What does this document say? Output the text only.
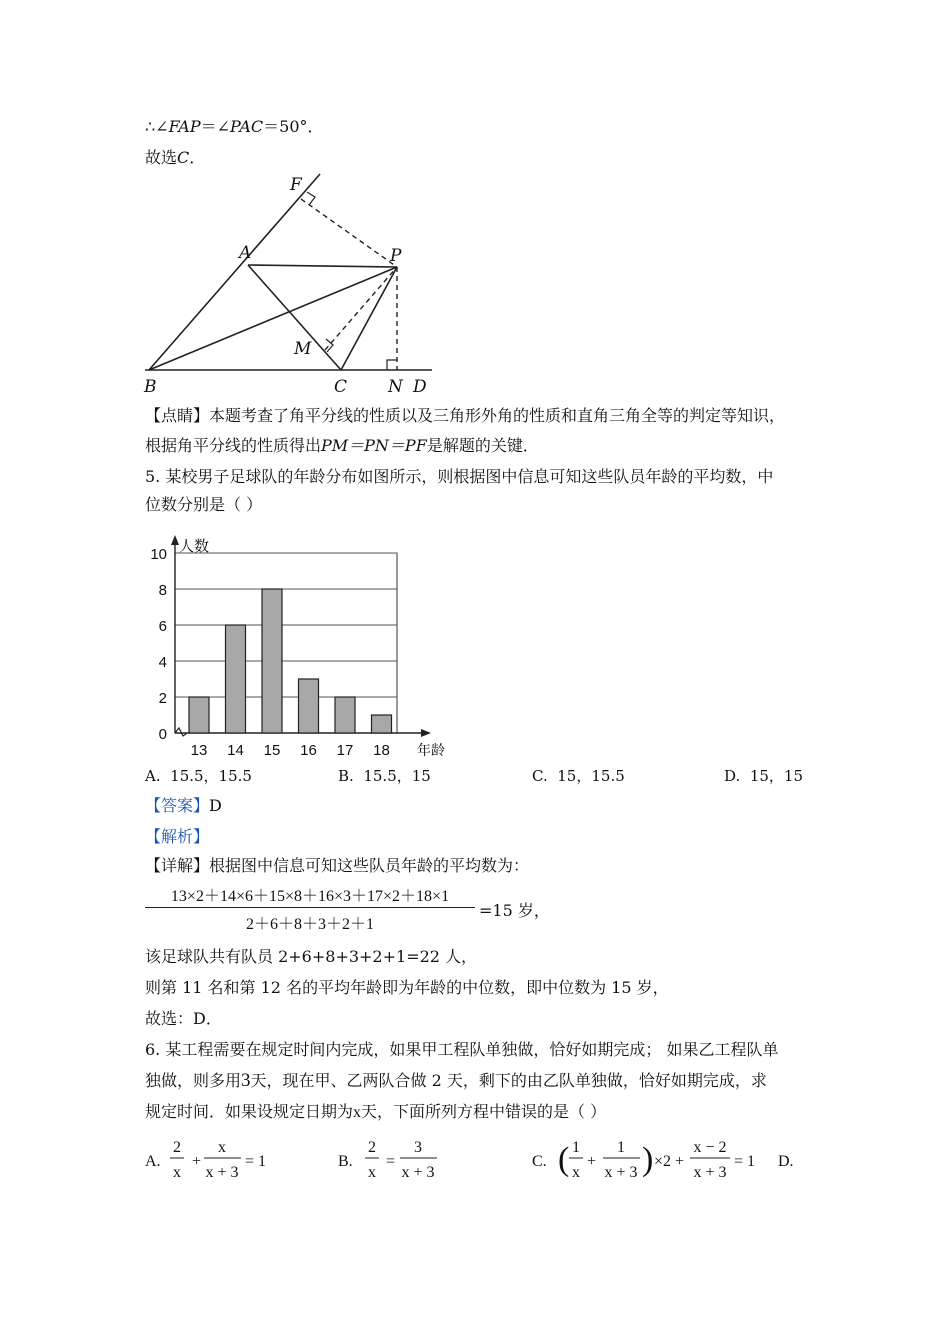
∴∠FAP＝∠PAC＝50°．
故选C．
F
A	P
M
B	C N D
【点睛】本题考查了角平分线的性质以及三角形外角的性质和直角三角全等的判定等知识，
根据角平分线的性质得出PM＝PN＝PF是解题的关键．
5. 某校男子足球队的年龄分布如图所示，则根据图中信息可知这些队员年龄的平均数，中
位数分别是（ ）
0
2
4
6
8
10 人数
年龄
13 14 15 16 17 18
A. 15.5，15.5	B. 15.5，15	C. 15，15.5	D. 15，15
【答案】D
【解析】
【详解】根据图中信息可知这些队员年龄的平均数为：
13×2＋14×6＋15×8＋16×3＋17×2＋18×1
2＋6＋8＋3＋2＋1
=15 岁，
该足球队共有队员 2+6+8+3+2+1=22 人，
则第 11 名和第 12 名的平均年龄即为年龄的中位数，即中位数为 15 岁，
故选：D．
6. 某工程需要在规定时间内完成，如果甲工程队单独做，恰好如期完成； 如果乙工程队单
独做，则多用3天，现在甲、乙两队合做 2 天，剩下的由乙队单独做，恰好如期完成，求
规定时间．如果设规定日期为x天，下面所列方程中错误的是（ ）
A.
2
x
+
x
x + 3
= 1	B.
2
x
=
3
x + 3
C. ( 1
x
+
1
x + 3 ) ×2 +
x − 2
x + 3
= 1 D.
